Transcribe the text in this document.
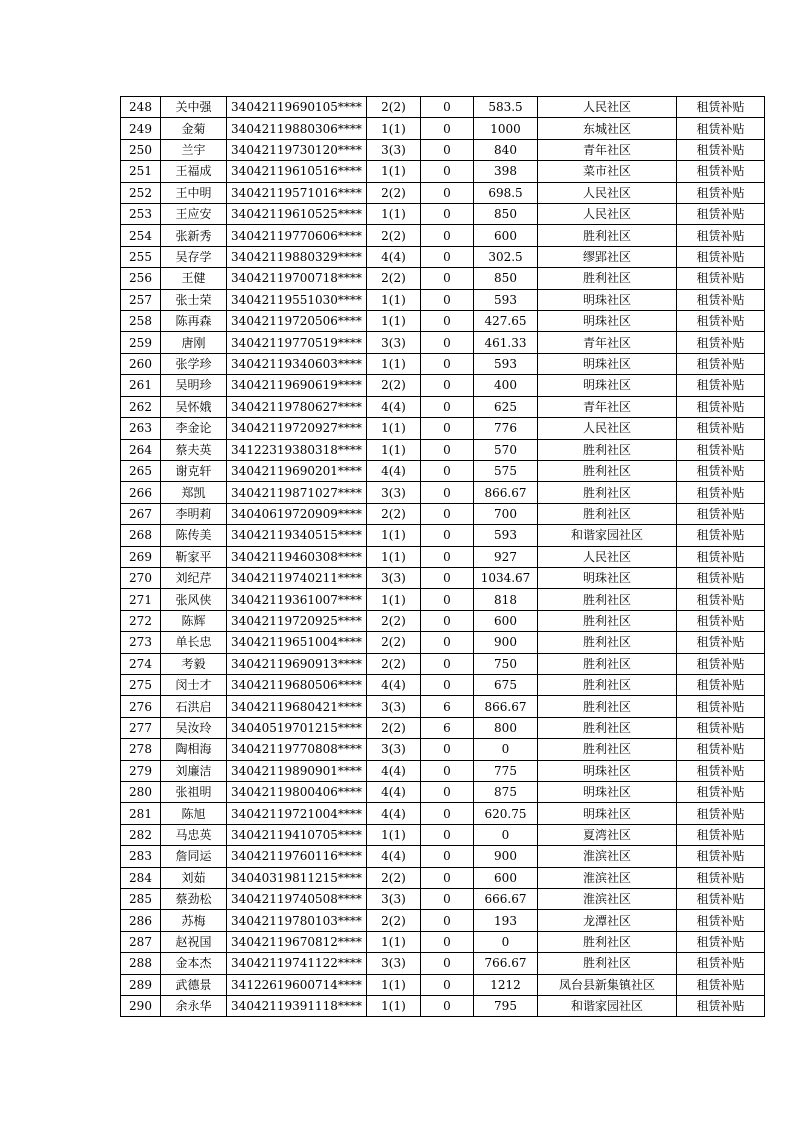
248	关中强	34042119690105****	2(2)	0	583.5	人民社区	租赁补贴
249	金菊	34042119880306****	1(1)	0	1000	东城社区	租赁补贴
250	兰宇	34042119730120****	3(3)	0	840	青年社区	租赁补贴
251	王福成	34042119610516****	1(1)	0	398	菜市社区	租赁补贴
252	王中明	34042119571016****	2(2)	0	698.5	人民社区	租赁补贴
253	王应安	34042119610525****	1(1)	0	850	人民社区	租赁补贴
254	张新秀	34042119770606****	2(2)	0	600	胜利社区	租赁补贴
255	吴存学	34042119880329****	4(4)	0	302.5	缪郢社区	租赁补贴
256	王健	34042119700718****	2(2)	0	850	胜利社区	租赁补贴
257	张士荣	34042119551030****	1(1)	0	593	明珠社区	租赁补贴
258	陈再森	34042119720506****	1(1)	0	427.65	明珠社区	租赁补贴
259	唐刚	34042119770519****	3(3)	0	461.33	青年社区	租赁补贴
260	张学珍	34042119340603****	1(1)	0	593	明珠社区	租赁补贴
261	吴明珍	34042119690619****	2(2)	0	400	明珠社区	租赁补贴
262	吴怀娥	34042119780627****	4(4)	0	625	青年社区	租赁补贴
263	李金论	34042119720927****	1(1)	0	776	人民社区	租赁补贴
264	蔡夫英	34122319380318****	1(1)	0	570	胜利社区	租赁补贴
265	谢克轩	34042119690201****	4(4)	0	575	胜利社区	租赁补贴
266	郑凯	34042119871027****	3(3)	0	866.67	胜利社区	租赁补贴
267	李明莉	34040619720909****	2(2)	0	700	胜利社区	租赁补贴
268	陈传美	34042119340515****	1(1)	0	593	和谐家园社区	租赁补贴
269	靳家平	34042119460308****	1(1)	0	927	人民社区	租赁补贴
270	刘纪芹	34042119740211****	3(3)	0	1034.67	明珠社区	租赁补贴
271	张风侠	34042119361007****	1(1)	0	818	胜利社区	租赁补贴
272	陈辉	34042119720925****	2(2)	0	600	胜利社区	租赁补贴
273	单长忠	34042119651004****	2(2)	0	900	胜利社区	租赁补贴
274	考毅	34042119690913****	2(2)	0	750	胜利社区	租赁补贴
275	闵士才	34042119680506****	4(4)	0	675	胜利社区	租赁补贴
276	石洪启	34042119680421****	3(3)	6	866.67	胜利社区	租赁补贴
277	吴汝玲	34040519701215****	2(2)	6	800	胜利社区	租赁补贴
278	陶相海	34042119770808****	3(3)	0	0	胜利社区	租赁补贴
279	刘廉洁	34042119890901****	4(4)	0	775	明珠社区	租赁补贴
280	张祖明	34042119800406****	4(4)	0	875	明珠社区	租赁补贴
281	陈旭	34042119721004****	4(4)	0	620.75	明珠社区	租赁补贴
282	马忠英	34042119410705****	1(1)	0	0	夏湾社区	租赁补贴
283	詹同运	34042119760116****	4(4)	0	900	淮滨社区	租赁补贴
284	刘茹	34040319811215****	2(2)	0	600	淮滨社区	租赁补贴
285	蔡劲松	34042119740508****	3(3)	0	666.67	淮滨社区	租赁补贴
286	苏梅	34042119780103****	2(2)	0	193	龙潭社区	租赁补贴
287	赵祝国	34042119670812****	1(1)	0	0	胜利社区	租赁补贴
288	金本杰	34042119741122****	3(3)	0	766.67	胜利社区	租赁补贴
289	武德景	34122619600714****	1(1)	0	1212	凤台县新集镇社区	租赁补贴
290	余永华	34042119391118****	1(1)	0	795	和谐家园社区	租赁补贴
